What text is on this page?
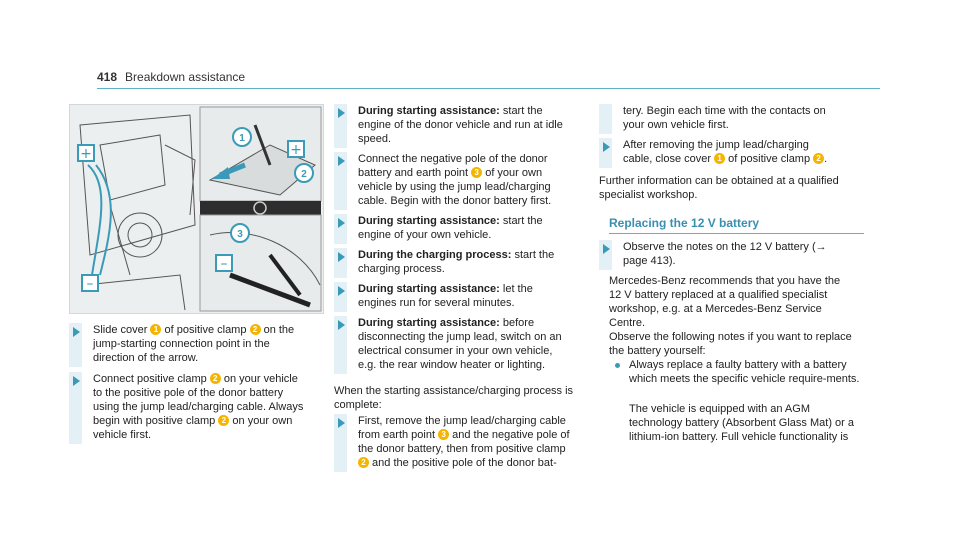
418 Breakdown assistance
+
–
1
+
2
3
–
Slide cover 1 of positive clamp 2 on the jump-starting connection point in the direction of the arrow.
Connect positive clamp 2 on your vehicle to the positive pole of the donor battery using the jump lead/charging cable. Always begin with positive clamp 2 on your own vehicle first.
During starting assistance: start the engine of the donor vehicle and run at idle speed.
Connect the negative pole of the donor battery and earth point 3 of your own vehicle by using the jump lead/charging cable. Begin with the donor battery first.
During starting assistance: start the engine of your own vehicle.
During the charging process: start the charging process.
During starting assistance: let the engines run for several minutes.
During starting assistance: before disconnecting the jump lead, switch on an electrical consumer in your own vehicle, e.g. the rear window heater or lighting.
When the starting assistance/charging process is complete:
First, remove the jump lead/charging cable from earth point 3 and the negative pole of the donor battery, then from positive clamp 2 and the positive pole of the donor bat-
tery. Begin each time with the contacts on your own vehicle first.
After removing the jump lead/charging cable, close cover 1 of positive clamp 2 .
Further information can be obtained at a qualified specialist workshop.
Replacing the 12 V battery
Observe the notes on the 12 V battery (→ page 413).
Mercedes-Benz recommends that you have the 12 V battery replaced at a qualified specialist workshop, e.g. at a Mercedes-Benz Service Centre.
Observe the following notes if you want to replace the battery yourself:
Always replace a faulty battery with a battery which meets the specific vehicle require-ments.
The vehicle is equipped with an AGM technology battery (Absorbent Glass Mat) or a lithium-ion battery. Full vehicle functionality is
